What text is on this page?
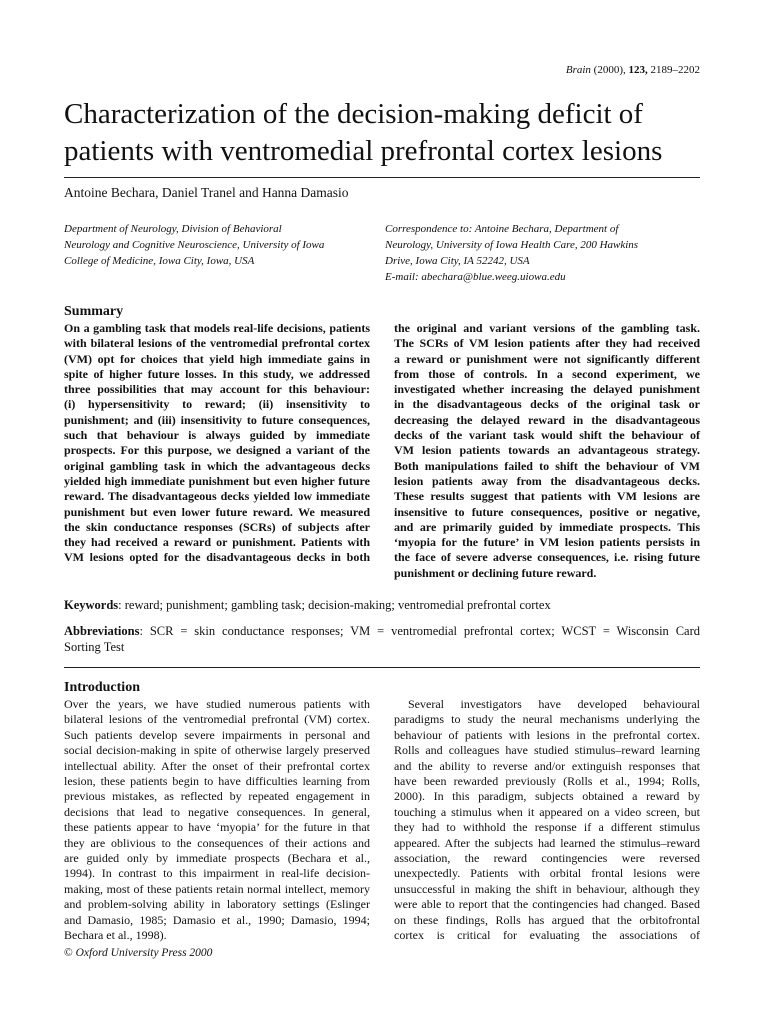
Brain (2000), 123, 2189–2202
Characterization of the decision-making deficit of patients with ventromedial prefrontal cortex lesions
Antoine Bechara, Daniel Tranel and Hanna Damasio
Department of Neurology, Division of Behavioral
Neurology and Cognitive Neuroscience, University of Iowa
College of Medicine, Iowa City, Iowa, USA
Correspondence to: Antoine Bechara, Department of
Neurology, University of Iowa Health Care, 200 Hawkins
Drive, Iowa City, IA 52242, USA
E-mail: abechara@blue.weeg.uiowa.edu
Summary
On a gambling task that models real-life decisions, patients
with bilateral lesions of the ventromedial prefrontal cortex
(VM) opt for choices that yield high immediate gains in
spite of higher future losses. In this study, we addressed
three possibilities that may account for this behaviour:
(i) hypersensitivity to reward; (ii) insensitivity to
punishment; and (iii) insensitivity to future consequences,
such that behaviour is always guided by immediate
prospects. For this purpose, we designed a variant of the
original gambling task in which the advantageous decks
yielded high immediate punishment but even higher future
reward. The disadvantageous decks yielded low immediate
punishment but even lower future reward. We measured
the skin conductance responses (SCRs) of subjects after
they had received a reward or punishment. Patients with
VM lesions opted for the disadvantageous decks in both
the original and variant versions of the gambling task.
The SCRs of VM lesion patients after they had received
a reward or punishment were not significantly different
from those of controls. In a second experiment, we
investigated whether increasing the delayed punishment
in the disadvantageous decks of the original task or
decreasing the delayed reward in the disadvantageous
decks of the variant task would shift the behaviour of
VM lesion patients towards an advantageous strategy.
Both manipulations failed to shift the behaviour of VM
lesion patients away from the disadvantageous decks.
These results suggest that patients with VM lesions are
insensitive to future consequences, positive or negative,
and are primarily guided by immediate prospects. This
‘myopia for the future’ in VM lesion patients persists in
the face of severe adverse consequences, i.e. rising future
punishment or declining future reward.
Keywords: reward; punishment; gambling task; decision-making; ventromedial prefrontal cortex
Abbreviations: SCR = skin conductance responses; VM = ventromedial prefrontal cortex; WCST = Wisconsin Card
Sorting Test
Introduction
Over the years, we have studied numerous patients with
bilateral lesions of the ventromedial prefrontal (VM) cortex.
Such patients develop severe impairments in personal and
social decision-making in spite of otherwise largely preserved
intellectual ability. After the onset of their prefrontal cortex
lesion, these patients begin to have difficulties learning from
previous mistakes, as reflected by repeated engagement in
decisions that lead to negative consequences. In general,
these patients appear to have ‘myopia’ for the future in that
they are oblivious to the consequences of their actions and
are guided only by immediate prospects (Bechara et al.,
1994). In contrast to this impairment in real-life decision-
making, most of these patients retain normal intellect, memory
and problem-solving ability in laboratory settings (Eslinger
and Damasio, 1985; Damasio et al., 1990; Damasio, 1994;
Bechara et al., 1998).
Several investigators have developed behavioural
paradigms to study the neural mechanisms underlying the
behaviour of patients with lesions in the prefrontal cortex.
Rolls and colleagues have studied stimulus–reward learning
and the ability to reverse and/or extinguish responses that
have been rewarded previously (Rolls et al., 1994; Rolls,
2000). In this paradigm, subjects obtained a reward by
touching a stimulus when it appeared on a video screen, but
they had to withhold the response if a different stimulus
appeared. After the subjects had learned the stimulus–reward
association, the reward contingencies were reversed
unexpectedly. Patients with orbital frontal lesions were
unsuccessful in making the shift in behaviour, although they
were able to report that the contingencies had changed. Based
on these findings, Rolls has argued that the orbitofrontal
cortex is critical for evaluating the associations of
© Oxford University Press 2000
